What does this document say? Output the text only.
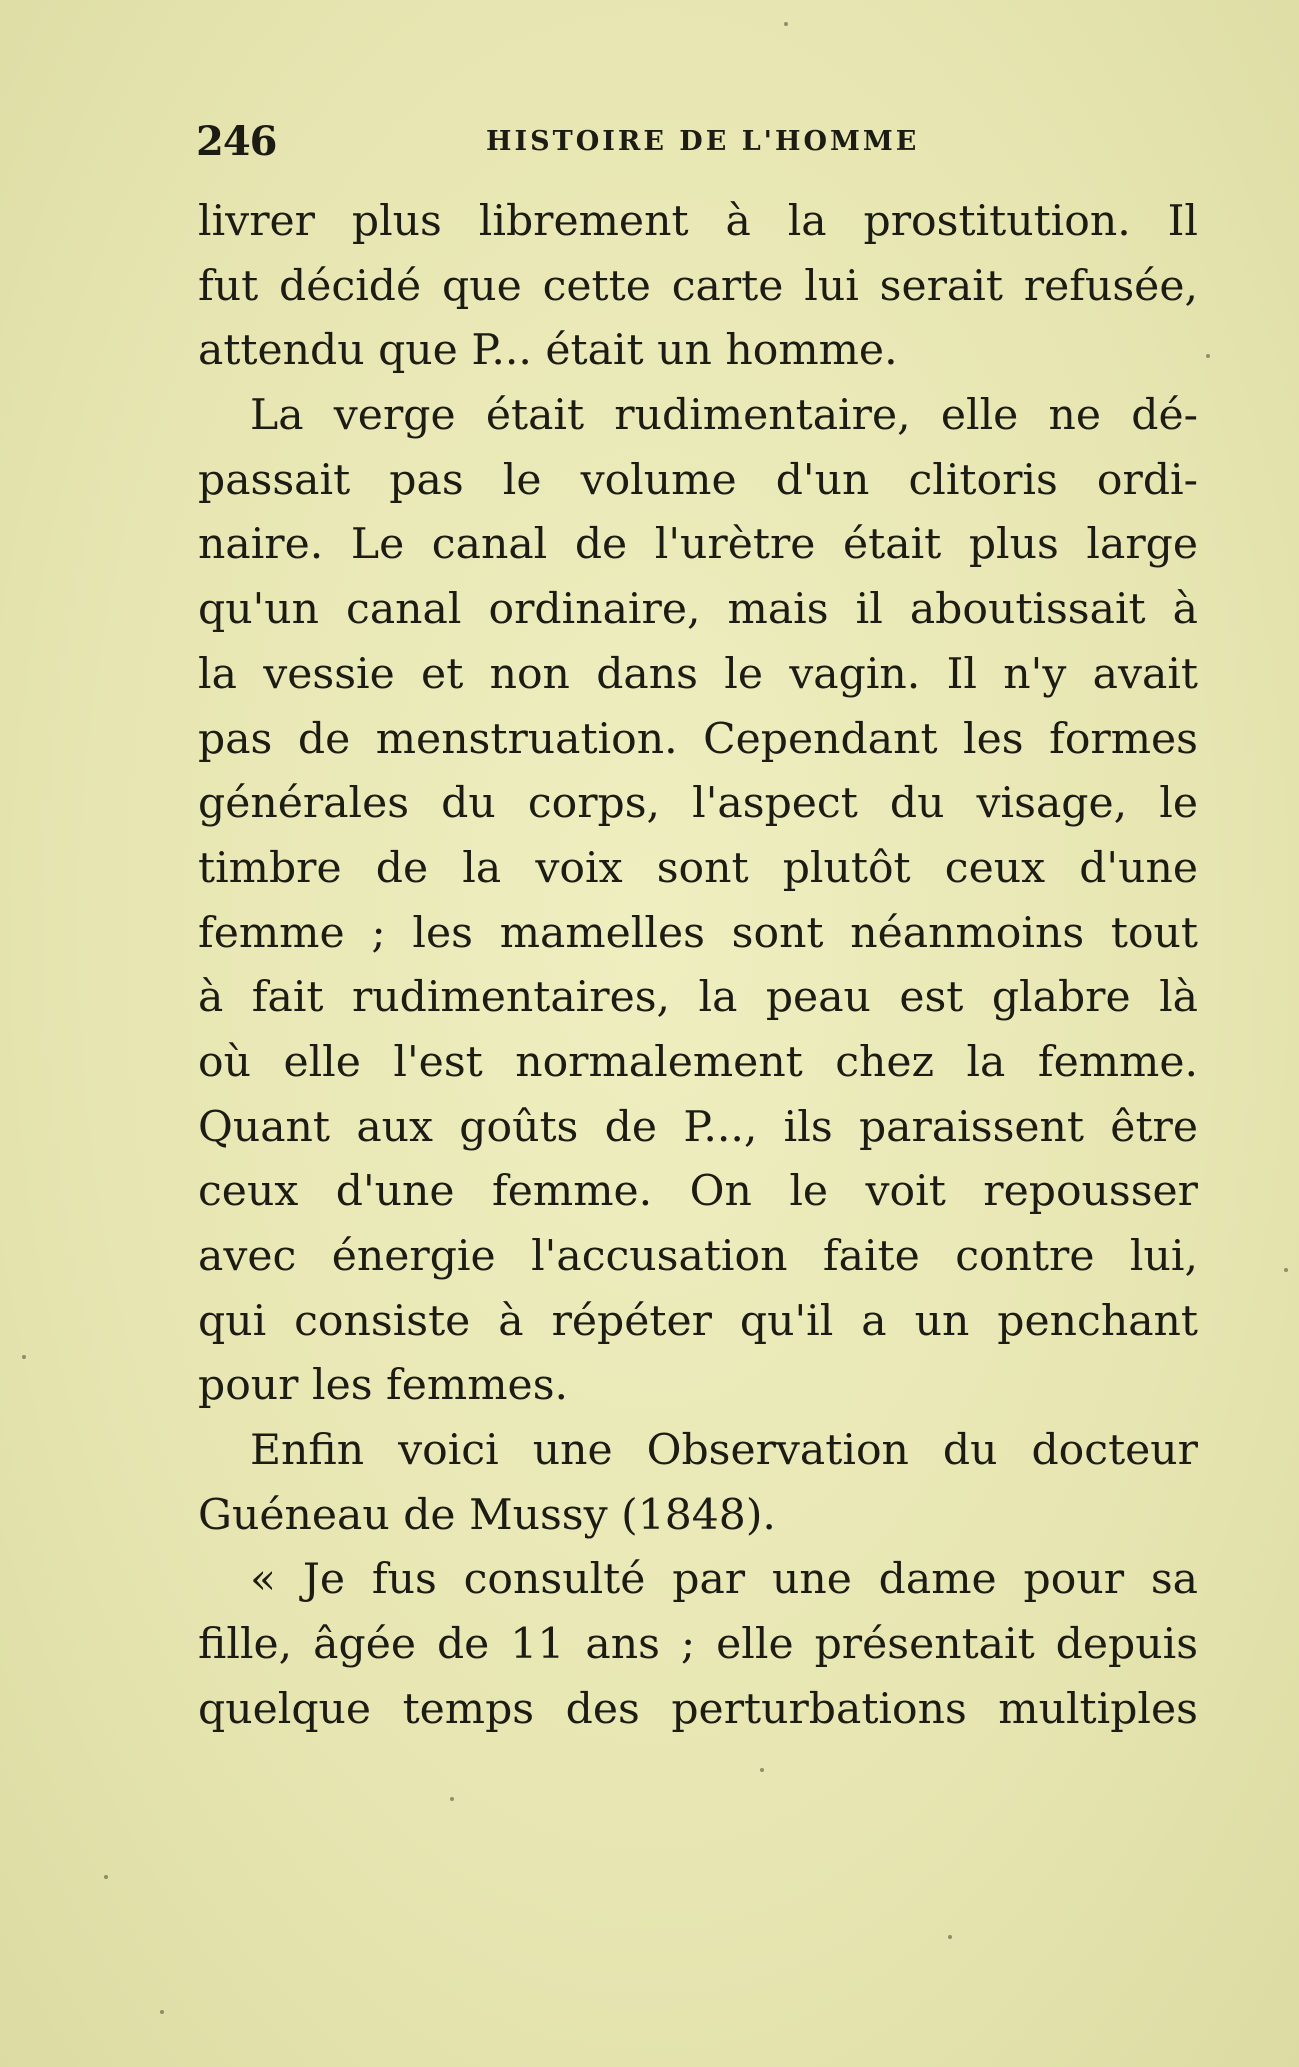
246	HISTOIRE DE L'HOMME
livrer plus librement à la prostitution. Il
fut décidé que cette carte lui serait refusée,
attendu que P... était un homme.
La verge était rudimentaire, elle ne dé-
passait pas le volume d'un clitoris ordi-
naire. Le canal de l'urètre était plus large
qu'un canal ordinaire, mais il aboutissait à
la vessie et non dans le vagin. Il n'y avait
pas de menstruation. Cependant les formes
générales du corps, l'aspect du visage, le
timbre de la voix sont plutôt ceux d'une
femme ; les mamelles sont néanmoins tout
à fait rudimentaires, la peau est glabre là
où elle l'est normalement chez la femme.
Quant aux goûts de P..., ils paraissent être
ceux d'une femme. On le voit repousser
avec énergie l'accusation faite contre lui,
qui consiste à répéter qu'il a un penchant
pour les femmes.
Enfin voici une Observation du docteur
Guéneau de Mussy (1848).
« Je fus consulté par une dame pour sa
fille, âgée de 11 ans ; elle présentait depuis
quelque temps des perturbations multiples
